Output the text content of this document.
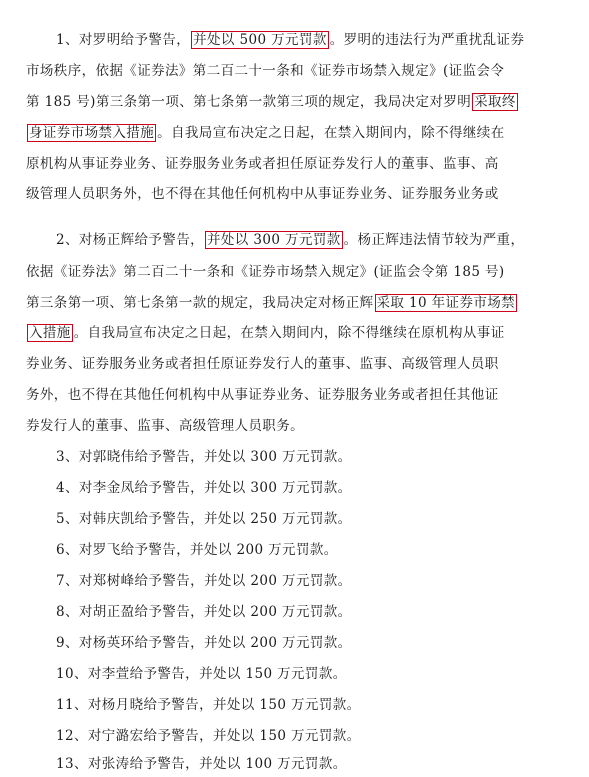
1、对罗明给予警告， 并处以 500 万元罚款 。罗明的违法行为严重扰乱证券
市场秩序，依据《证券法》第二百二十一条和《证券市场禁入规定》(证监会令
第 185 号)第三条第一项、第七条第一款第三项的规定，我局决定对罗明 采取终
身证券市场禁入措施 。自我局宣布决定之日起，在禁入期间内，除不得继续在
原机构从事证券业务、证券服务业务或者担任原证券发行人的董事、监事、高
级管理人员职务外，也不得在其他任何机构中从事证券业务、证券服务业务或
2、对杨正辉给予警告， 并处以 300 万元罚款 。杨正辉违法情节较为严重，
依据《证券法》第二百二十一条和《证券市场禁入规定》(证监会令第 185 号)
第三条第一项、第七条第一款的规定，我局决定对杨正辉 采取 10 年证券市场禁
入措施 。自我局宣布决定之日起，在禁入期间内，除不得继续在原机构从事证
券业务、证券服务业务或者担任原证券发行人的董事、监事、高级管理人员职
务外，也不得在其他任何机构中从事证券业务、证券服务业务或者担任其他证
券发行人的董事、监事、高级管理人员职务。
3、对郭晓伟给予警告，并处以 300 万元罚款。
4、对李金凤给予警告，并处以 300 万元罚款。
5、对韩庆凯给予警告，并处以 250 万元罚款。
6、对罗飞给予警告，并处以 200 万元罚款。
7、对郑树峰给予警告，并处以 200 万元罚款。
8、对胡正盈给予警告，并处以 200 万元罚款。
9、对杨英环给予警告，并处以 200 万元罚款。
10、对李萱给予警告，并处以 150 万元罚款。
11、对杨月晓给予警告，并处以 150 万元罚款。
12、对宁潞宏给予警告，并处以 150 万元罚款。
13、对张涛给予警告，并处以 100 万元罚款。
